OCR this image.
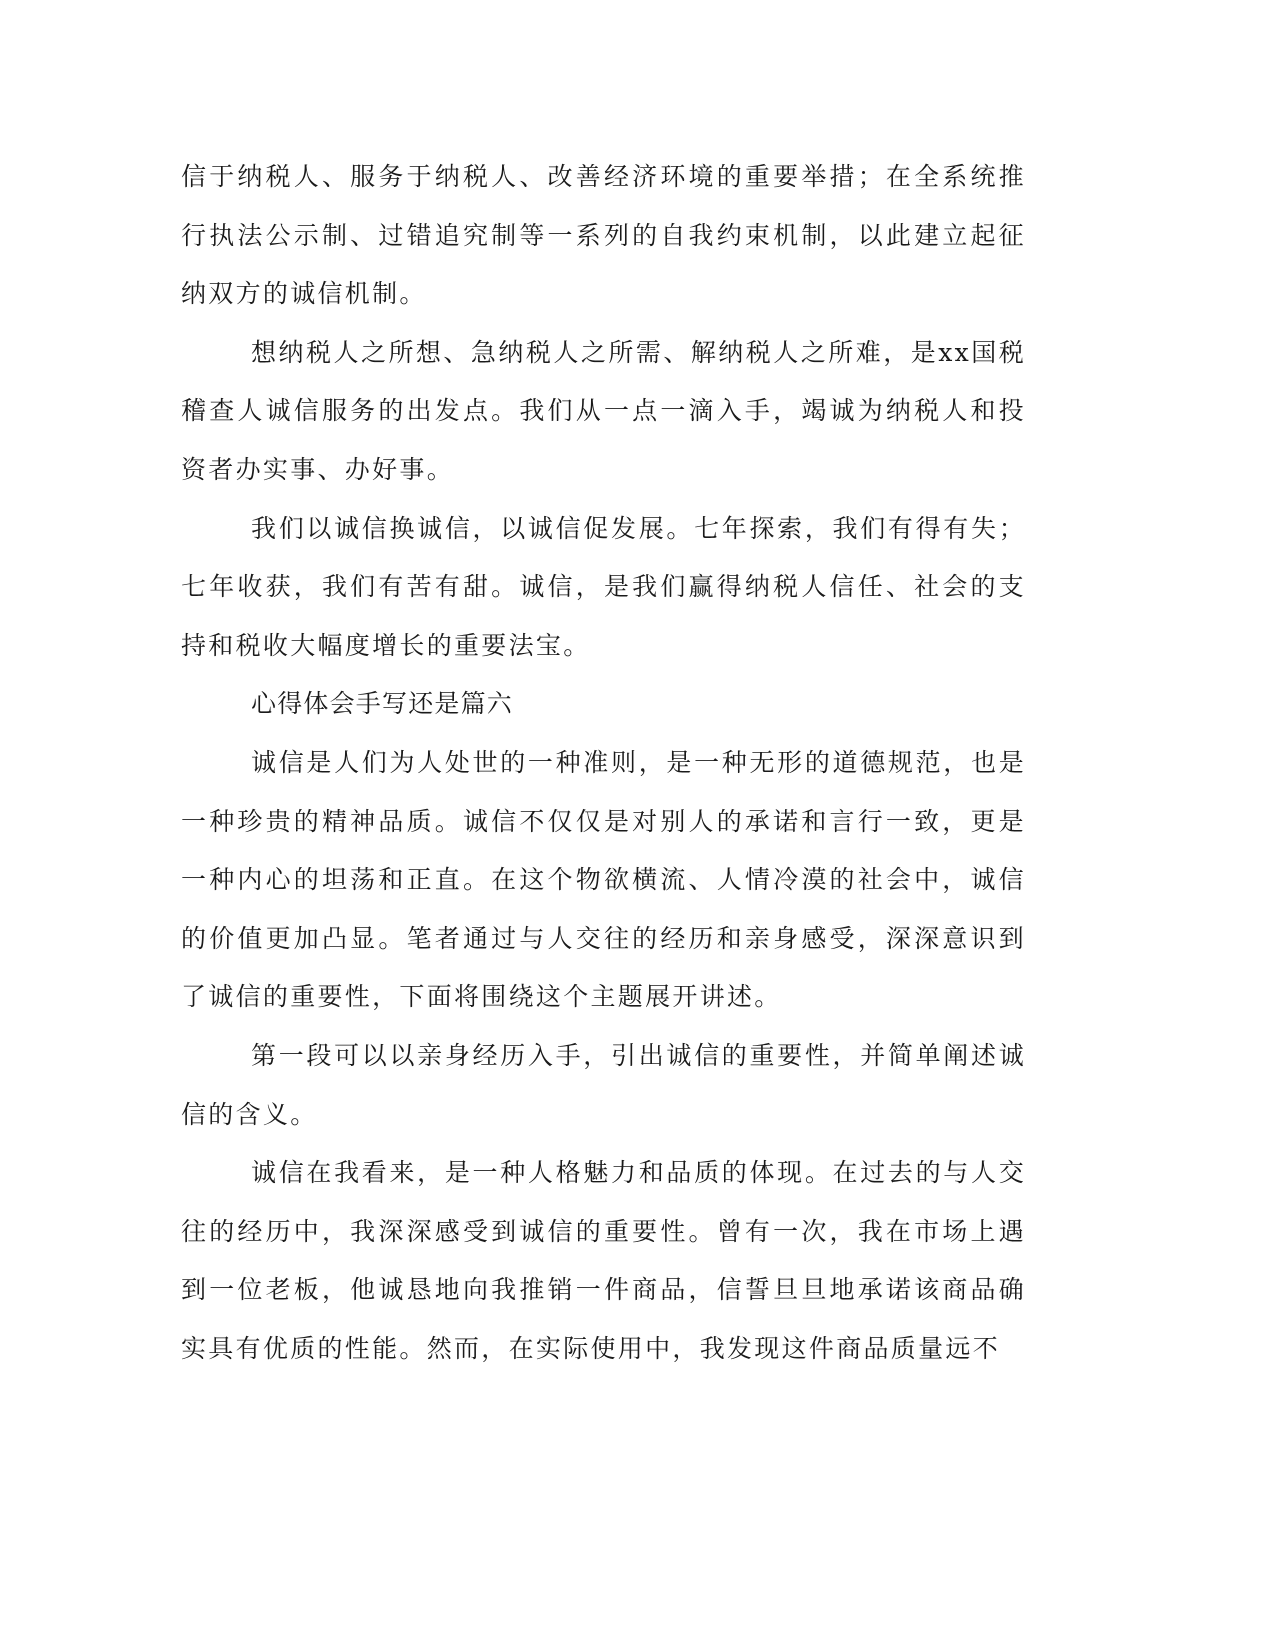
信于纳税人、服务于纳税人、改善经济环境的重要举措；在全系统推行执法公示制、过错追究制等一系列的自我约束机制，以此建立起征纳双方的诚信机制。

想纳税人之所想、急纳税人之所需、解纳税人之所难，是xx国税稽查人诚信服务的出发点。我们从一点一滴入手，竭诚为纳税人和投资者办实事、办好事。

我们以诚信换诚信，以诚信促发展。七年探索，我们有得有失；七年收获，我们有苦有甜。诚信，是我们赢得纳税人信任、社会的支持和税收大幅度增长的重要法宝。

心得体会手写还是篇六

诚信是人们为人处世的一种准则，是一种无形的道德规范，也是一种珍贵的精神品质。诚信不仅仅是对别人的承诺和言行一致，更是一种内心的坦荡和正直。在这个物欲横流、人情冷漠的社会中，诚信的价值更加凸显。笔者通过与人交往的经历和亲身感受，深深意识到了诚信的重要性，下面将围绕这个主题展开讲述。

第一段可以以亲身经历入手，引出诚信的重要性，并简单阐述诚信的含义。

诚信在我看来，是一种人格魅力和品质的体现。在过去的与人交往的经历中，我深深感受到诚信的重要性。曾有一次，我在市场上遇到一位老板，他诚恳地向我推销一件商品，信誓旦旦地承诺该商品确实具有优质的性能。然而，在实际使用中，我发现这件商品质量远不
